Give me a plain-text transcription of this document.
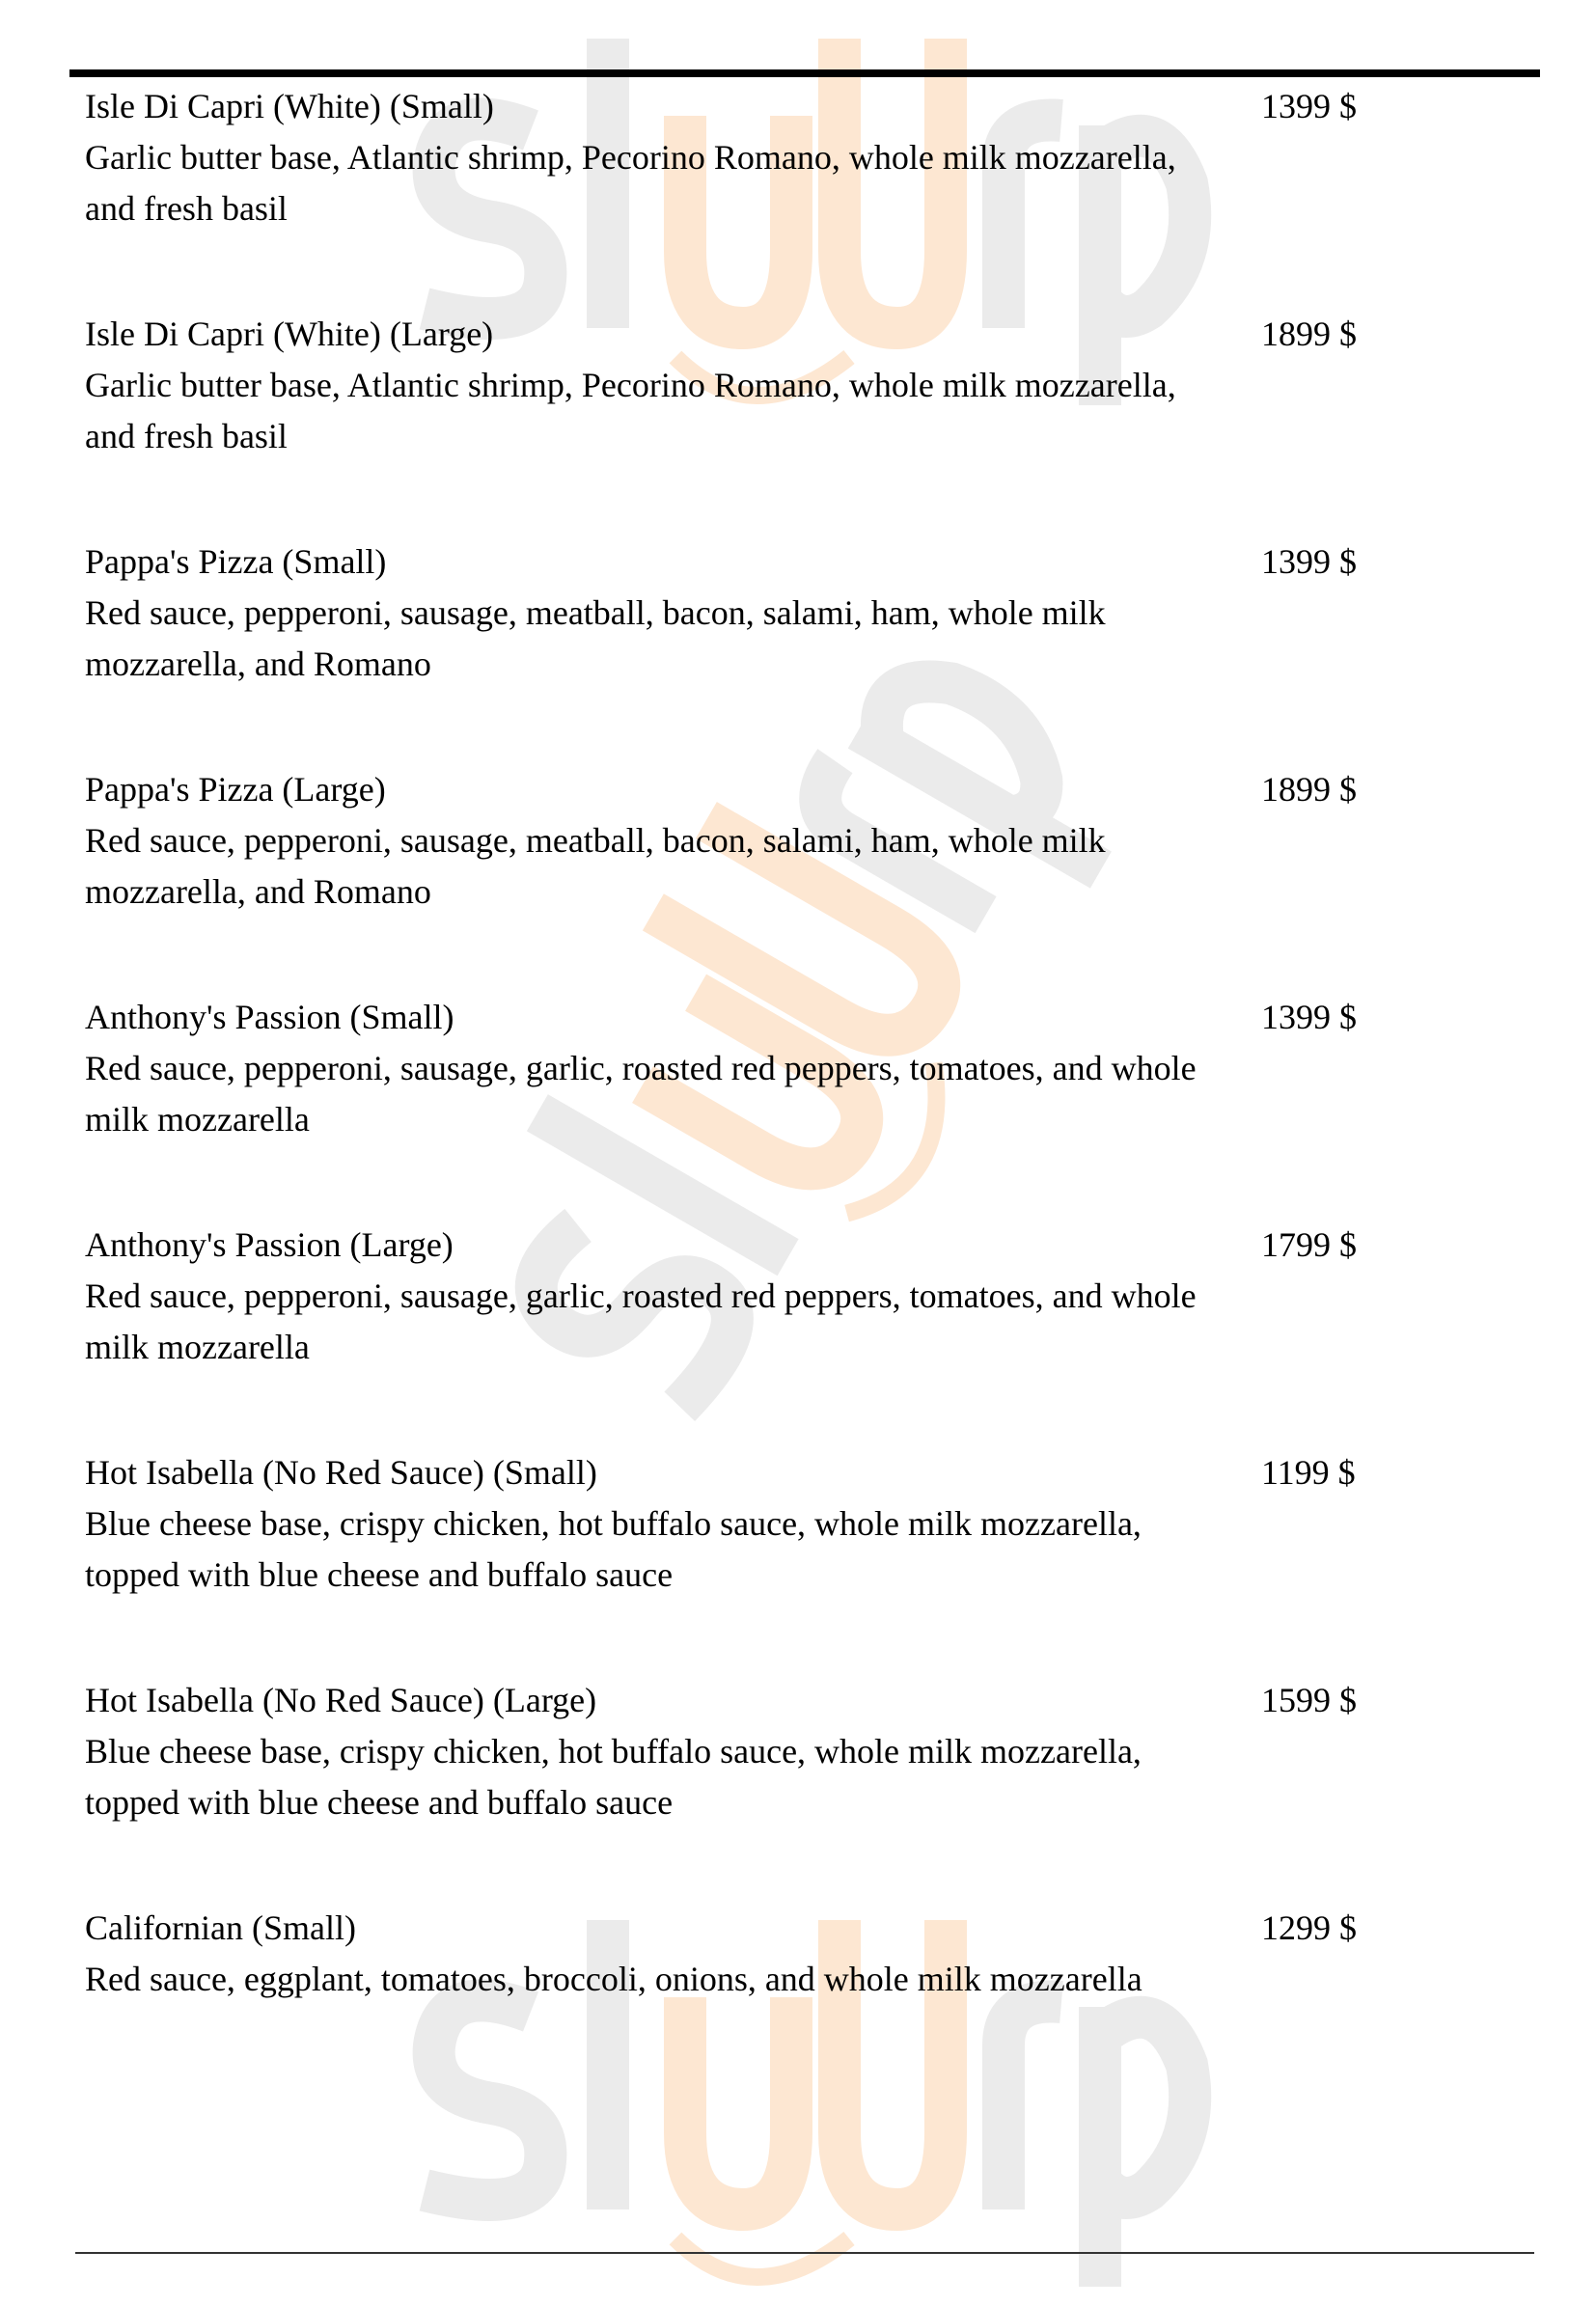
Isle Di Capri (White) (Small)
Garlic butter base, Atlantic shrimp, Pecorino Romano, whole milk mozzarella, and fresh basil
1399 $
Isle Di Capri (White) (Large)
Garlic butter base, Atlantic shrimp, Pecorino Romano, whole milk mozzarella, and fresh basil
1899 $
Pappa's Pizza (Small)
Red sauce, pepperoni, sausage, meatball, bacon, salami, ham, whole milk mozzarella, and Romano
1399 $
Pappa's Pizza (Large)
Red sauce, pepperoni, sausage, meatball, bacon, salami, ham, whole milk mozzarella, and Romano
1899 $
Anthony's Passion (Small)
Red sauce, pepperoni, sausage, garlic, roasted red peppers, tomatoes, and whole milk mozzarella
1399 $
Anthony's Passion (Large)
Red sauce, pepperoni, sausage, garlic, roasted red peppers, tomatoes, and whole milk mozzarella
1799 $
Hot Isabella (No Red Sauce) (Small)
Blue cheese base, crispy chicken, hot buffalo sauce, whole milk mozzarella, topped with blue cheese and buffalo sauce
1199 $
Hot Isabella (No Red Sauce) (Large)
Blue cheese base, crispy chicken, hot buffalo sauce, whole milk mozzarella, topped with blue cheese and buffalo sauce
1599 $
Californian (Small)
Red sauce, eggplant, tomatoes, broccoli, onions, and whole milk mozzarella
1299 $
